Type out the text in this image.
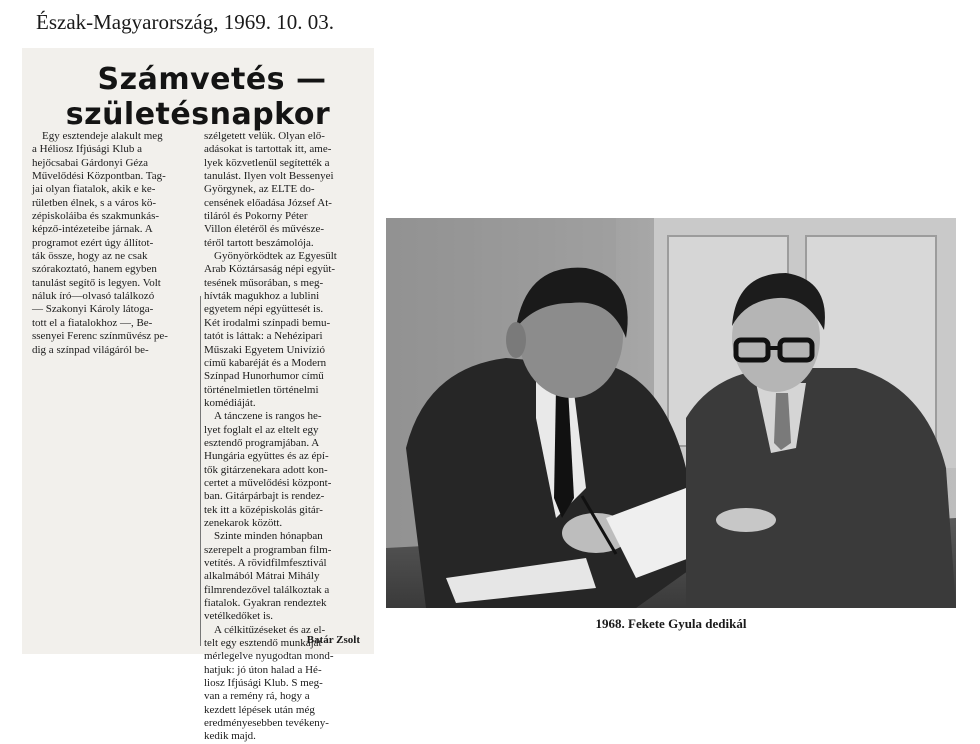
Észak-Magyarország, 1969. 10. 03.
Számvetés —
születésnapkor
Egy esztendeje alakult meg
a Héliosz Ifjúsági Klub a
hejőcsabai Gárdonyi Géza
Művelődési Központban. Tag-
jai olyan fiatalok, akik e ke-
rületben élnek, s a város kö-
zépiskoláiba és szakmunkás-
képző-intézeteibe járnak. A
programot ezért úgy állítot-
ták össze, hogy az ne csak
szórakoztató, hanem egyben
tanulást segítő is legyen. Volt
náluk író—olvasó találkozó
— Szakonyi Károly látoga-
tott el a fiatalokhoz —, Be-
ssenyei Ferenc színművész pe-
dig a színpad világáról be-
szélgetett velük. Olyan elő-
adásokat is tartottak itt, ame-
lyek közvetlenül segítették a
tanulást. Ilyen volt Bessenyei
Györgynek, az ELTE do-
censének előadása József At-
tiláról és Pokorny Péter
Villon életéről és művésze-
téről tartott beszámolója.
Gyönyörködtek az Egyesült
Arab Köztársaság népi együt-
tesének műsorában, s meg-
hívták magukhoz a lublini
egyetem népi együttesét is.
Két irodalmi színpadi bemu-
tatót is láttak: a Nehézipari
Műszaki Egyetem Univízió
című kabaréját és a Modern
Színpad Hunorhumor című
történelmietlen történelmi
komédiáját.
A tánczene is rangos he-
lyet foglalt el az eltelt egy
esztendő programjában. A
Hungária együttes és az épí-
tők gitárzenekara adott kon-
certet a művelődési központ-
ban. Gitárpárbajt is rendez-
tek itt a középiskolás gitár-
zenekarok között.
Szinte minden hónapban
szerepelt a programban film-
vetítés. A rövidfilmfesztivál
alkalmából Mátrai Mihály
filmrendezővel találkoztak a
fiatalok. Gyakran rendeztek
vetélkedőket is.
A célkitűzéseket és az el-
telt egy esztendő munkáját
mérlegelve nyugodtan mond-
hatjuk: jó úton halad a Hé-
liosz Ifjúsági Klub. S meg-
van a remény rá, hogy a
kezdett lépések után még
eredményesebben tevékeny-
kedik majd.
Batár Zsolt
1968. Fekete Gyula dedikál
